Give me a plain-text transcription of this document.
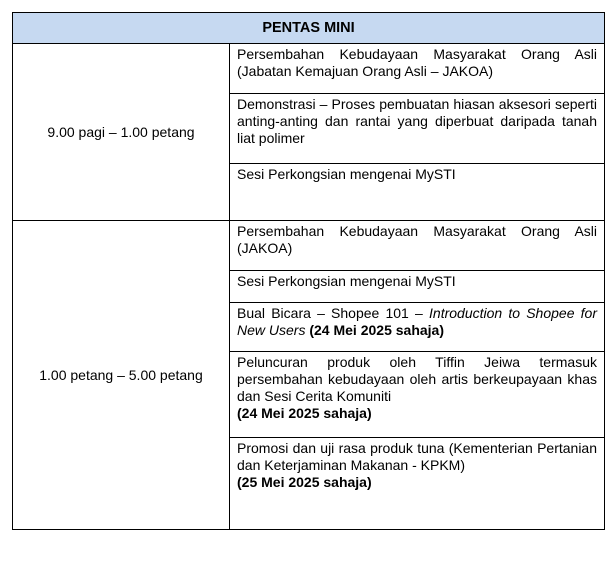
PENTAS MINI	
9.00 pagi – 1.00 petang	Persembahan Kebudayaan Masyarakat Orang Asli (Jabatan Kemajuan Orang Asli – JAKOA)

	Demonstrasi – Proses pembuatan hiasan aksesori seperti anting-anting dan rantai yang diperbuat daripada tanah liat polimer

	Sesi Perkongsian mengenai MySTI

1.00 petang – 5.00 petang	Persembahan Kebudayaan Masyarakat Orang Asli (JAKOA)

	Sesi Perkongsian mengenai MySTI

	Bual Bicara – Shopee 101 – Introduction to Shopee for New Users (24 Mei 2025 sahaja)

	Peluncuran produk oleh Tiffin Jeiwa termasuk persembahan kebudayaan oleh artis berkeupayaan khas dan Sesi Cerita Komuniti
(24 Mei 2025 sahaja)

	Promosi dan uji rasa produk tuna (Kementerian Pertanian dan Keterjaminan Makanan - KPKM)
(25 Mei 2025 sahaja)
